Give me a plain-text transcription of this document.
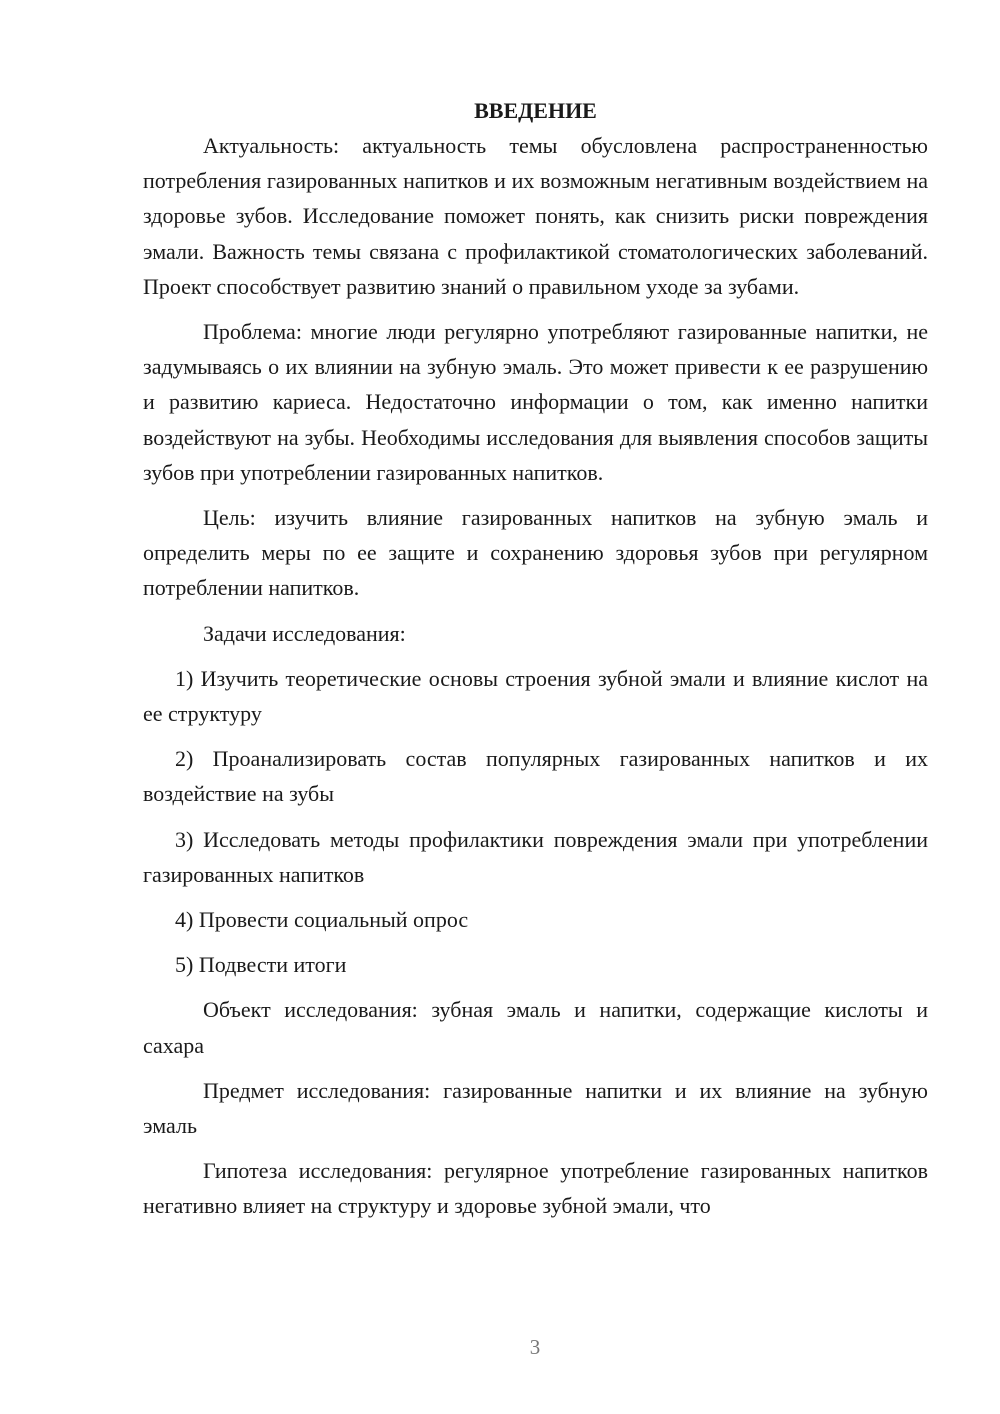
ВВЕДЕНИЕ

Актуальность: актуальность темы обусловлена распространенностью потребления газированных напитков и их возможным негативным воздействием на здоровье зубов. Исследование поможет понять, как снизить риски повреждения эмали. Важность темы связана с профилактикой стоматологических заболеваний. Проект способствует развитию знаний о правильном уходе за зубами.

Проблема: многие люди регулярно употребляют газированные напитки, не задумываясь о их влиянии на зубную эмаль. Это может привести к ее разрушению и развитию кариеса. Недостаточно информации о том, как именно напитки воздействуют на зубы. Необходимы исследования для выявления способов защиты зубов при употреблении газированных напитков.

Цель: изучить влияние газированных напитков на зубную эмаль и определить меры по ее защите и сохранению здоровья зубов при регулярном потреблении напитков.

Задачи исследования:

1) Изучить теоретические основы строения зубной эмали и влияние кислот на ее структуру

2) Проанализировать состав популярных газированных напитков и их воздействие на зубы

3) Исследовать методы профилактики повреждения эмали при употреблении газированных напитков

4) Провести социальный опрос

5) Подвести итоги

Объект исследования: зубная эмаль и напитки, содержащие кислоты и сахара

Предмет исследования: газированные напитки и их влияние на зубную эмаль

Гипотеза исследования: регулярное употребление газированных напитков негативно влияет на структуру и здоровье зубной эмали, что

3
